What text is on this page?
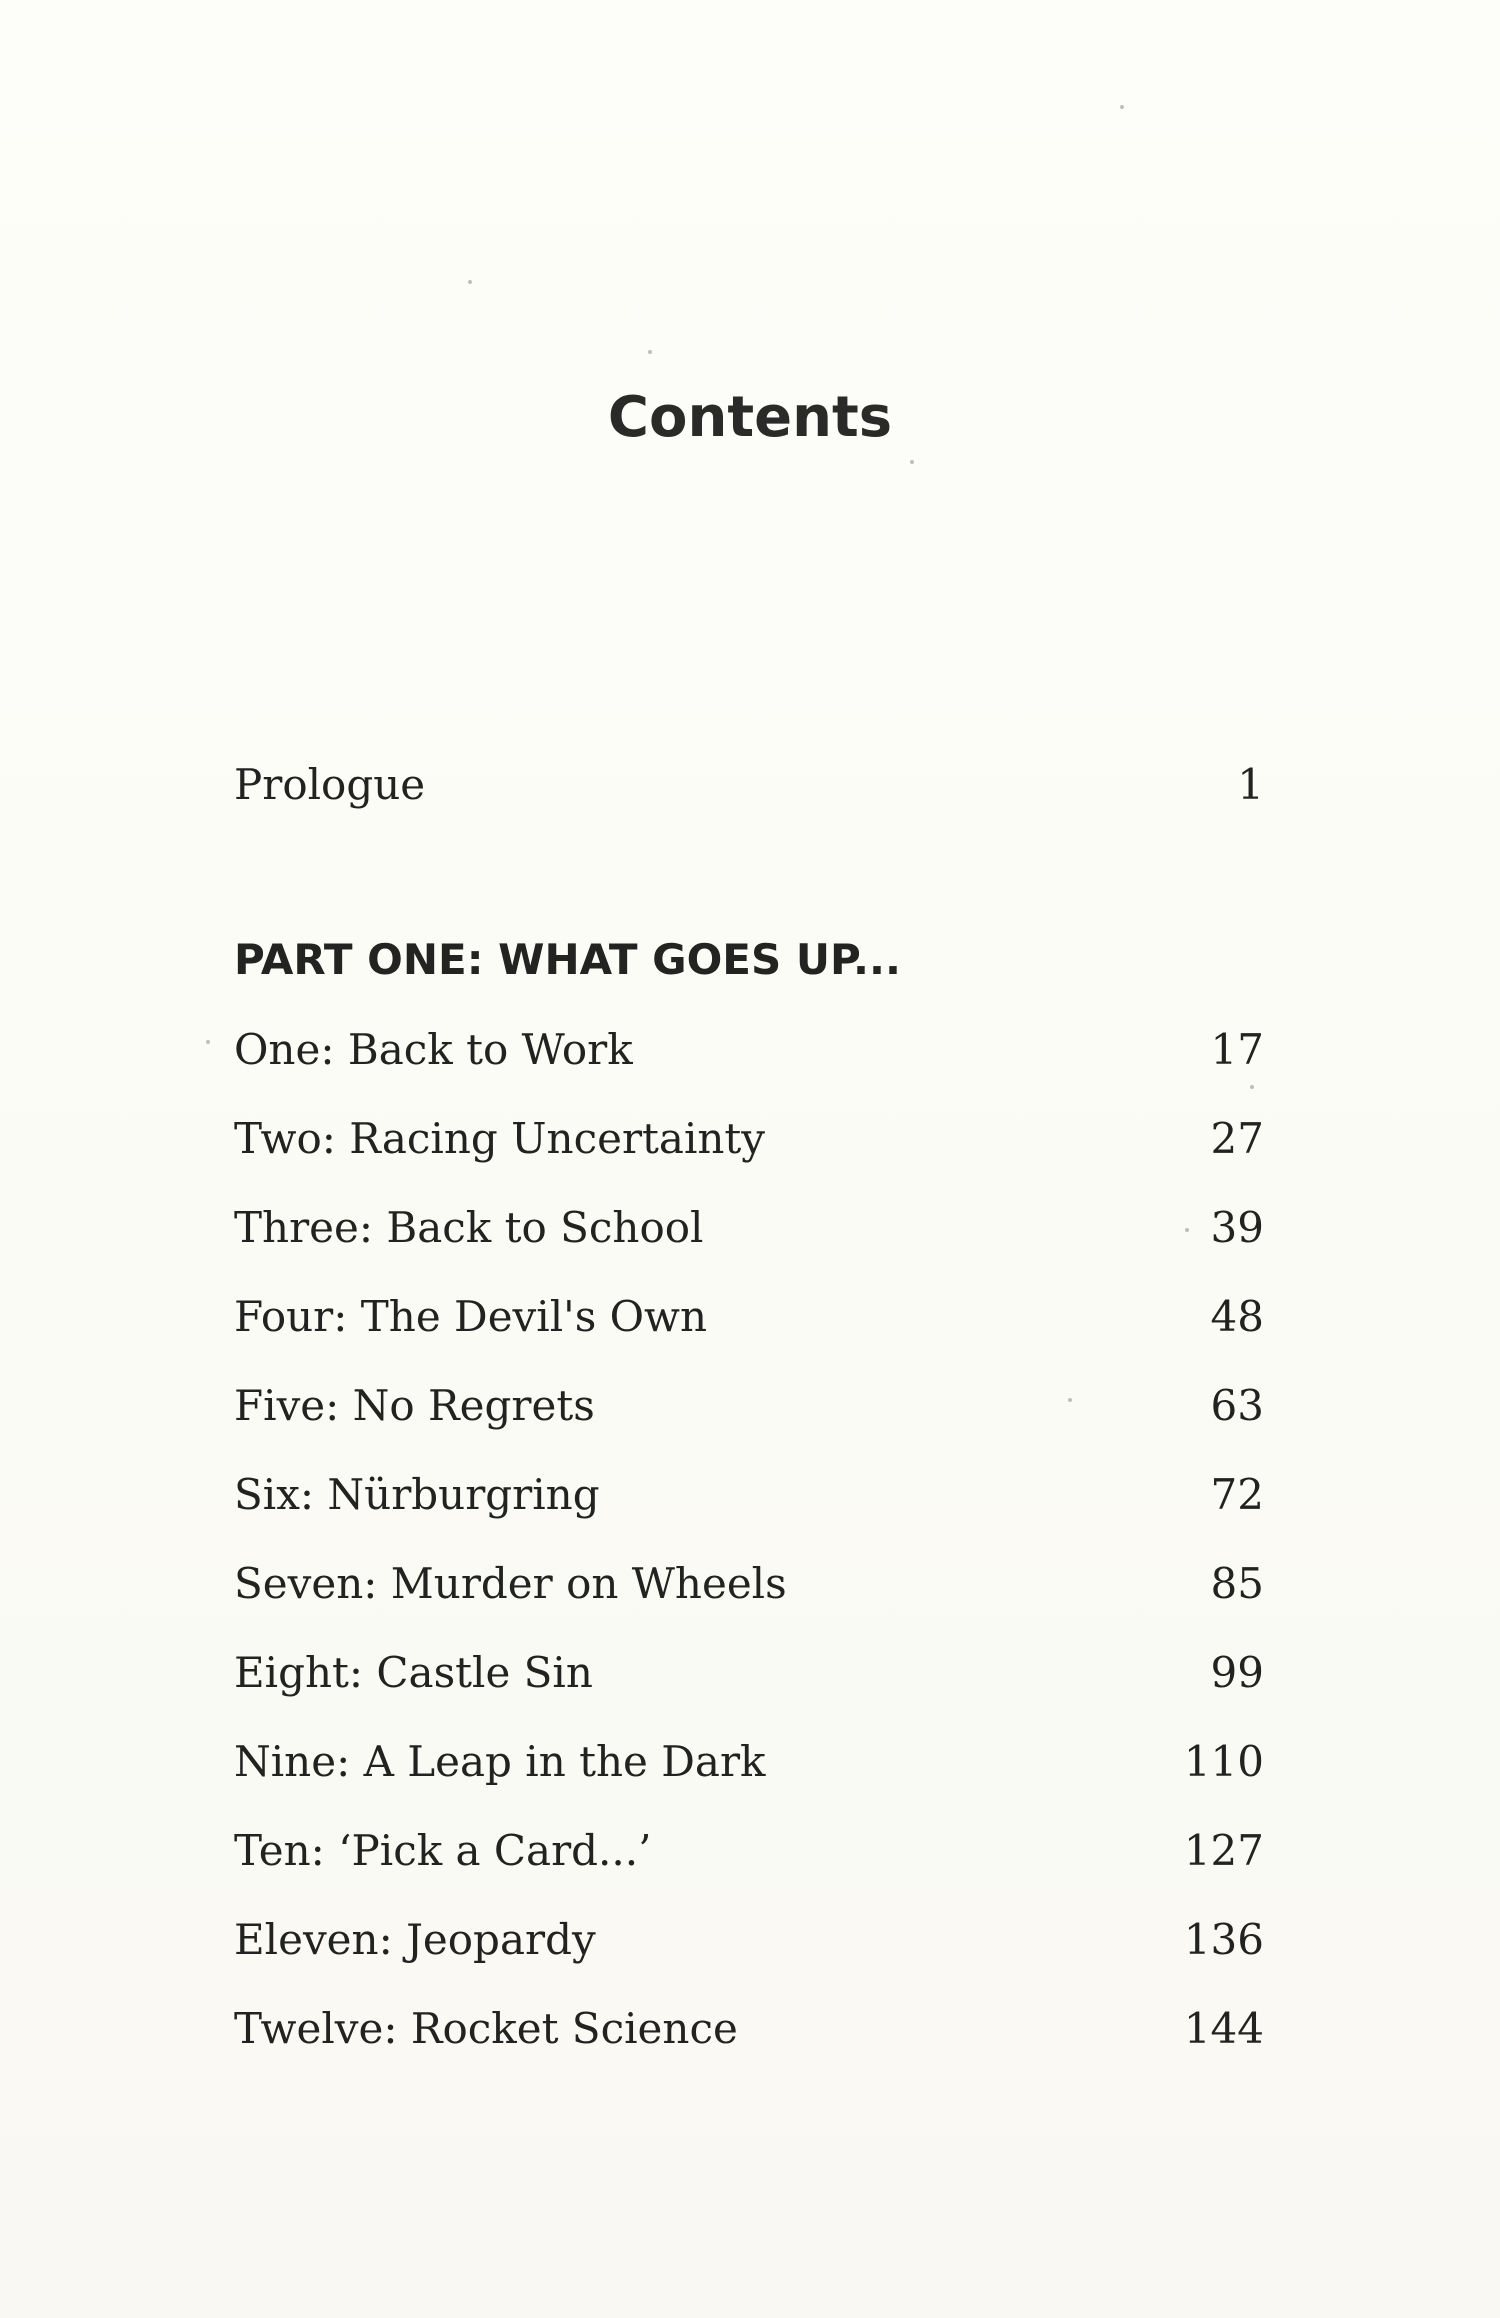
Contents
Prologue	1
PART ONE: WHAT GOES UP...
One: Back to Work	17
Two: Racing Uncertainty	27
Three: Back to School	39
Four: The Devil's Own	48
Five: No Regrets	63
Six: Nürburgring	72
Seven: Murder on Wheels	85
Eight: Castle Sin	99
Nine: A Leap in the Dark	110
Ten: ‘Pick a Card...’	127
Eleven: Jeopardy	136
Twelve: Rocket Science	144
